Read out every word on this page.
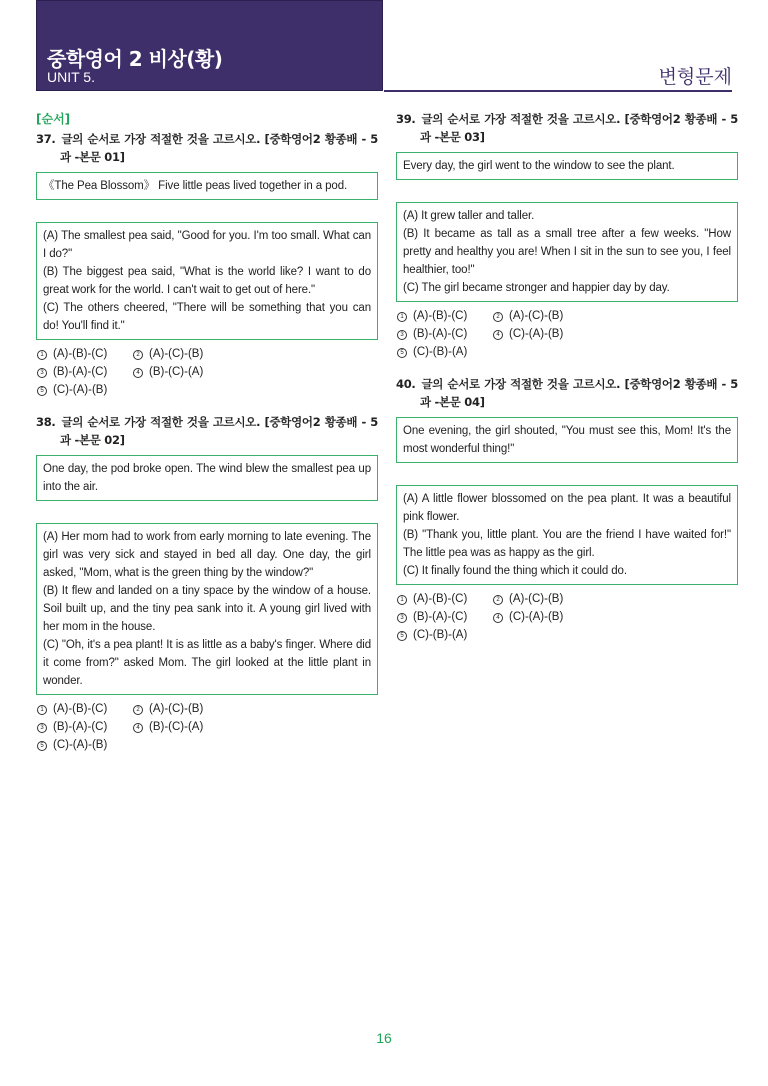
중학영어 2 비상(황)
UNIT 5.	변형문제
[순서]
37. 글의 순서로 가장 적절한 것을 고르시오. [중학영어2 황종배 - 5과 -본문 01]
《The Pea Blossom》 Five little peas lived together in a pod.

(A) The smallest pea said, "Good for you. I'm too small. What can I do?"

(B) The biggest pea said, "What is the world like? I want to do great work for the world. I can't wait to get out of here."

(C) The others cheered, "There will be something that you can do! You'll find it."

1 (A)-(B)-(C)	2 (A)-(C)-(B)
3 (B)-(A)-(C)	4 (B)-(C)-(A)
5 (C)-(A)-(B)
38. 글의 순서로 가장 적절한 것을 고르시오. [중학영어2 황종배 - 5과 -본문 02]
One day, the pod broke open. The wind blew the smallest pea up into the air.

(A) Her mom had to work from early morning to late evening. The girl was very sick and stayed in bed all day. One day, the girl asked, "Mom, what is the green thing by the window?"

(B) It flew and landed on a tiny space by the window of a house. Soil built up, and the tiny pea sank into it. A young girl lived with her mom in the house.

(C) "Oh, it's a pea plant! It is as little as a baby's finger. Where did it come from?" asked Mom. The girl looked at the little plant in wonder.

1 (A)-(B)-(C)	2 (A)-(C)-(B)
3 (B)-(A)-(C)	4 (B)-(C)-(A)
5 (C)-(A)-(B)
39. 글의 순서로 가장 적절한 것을 고르시오. [중학영어2 황종배 - 5과 -본문 03]
Every day, the girl went to the window to see the plant.

(A) It grew taller and taller.

(B) It became as tall as a small tree after a few weeks. "How pretty and healthy you are! When I sit in the sun to see you, I feel healthier, too!"

(C) The girl became stronger and happier day by day.

1 (A)-(B)-(C)	2 (A)-(C)-(B)
3 (B)-(A)-(C)	4 (C)-(A)-(B)
5 (C)-(B)-(A)
40. 글의 순서로 가장 적절한 것을 고르시오. [중학영어2 황종배 - 5과 -본문 04]
One evening, the girl shouted, "You must see this, Mom! It's the most wonderful thing!"

(A) A little flower blossomed on the pea plant. It was a beautiful pink flower.

(B) "Thank you, little plant. You are the friend I have waited for!" The little pea was as happy as the girl.

(C) It finally found the thing which it could do.

1 (A)-(B)-(C)	2 (A)-(C)-(B)
3 (B)-(A)-(C)	4 (C)-(A)-(B)
5 (C)-(B)-(A)
16
